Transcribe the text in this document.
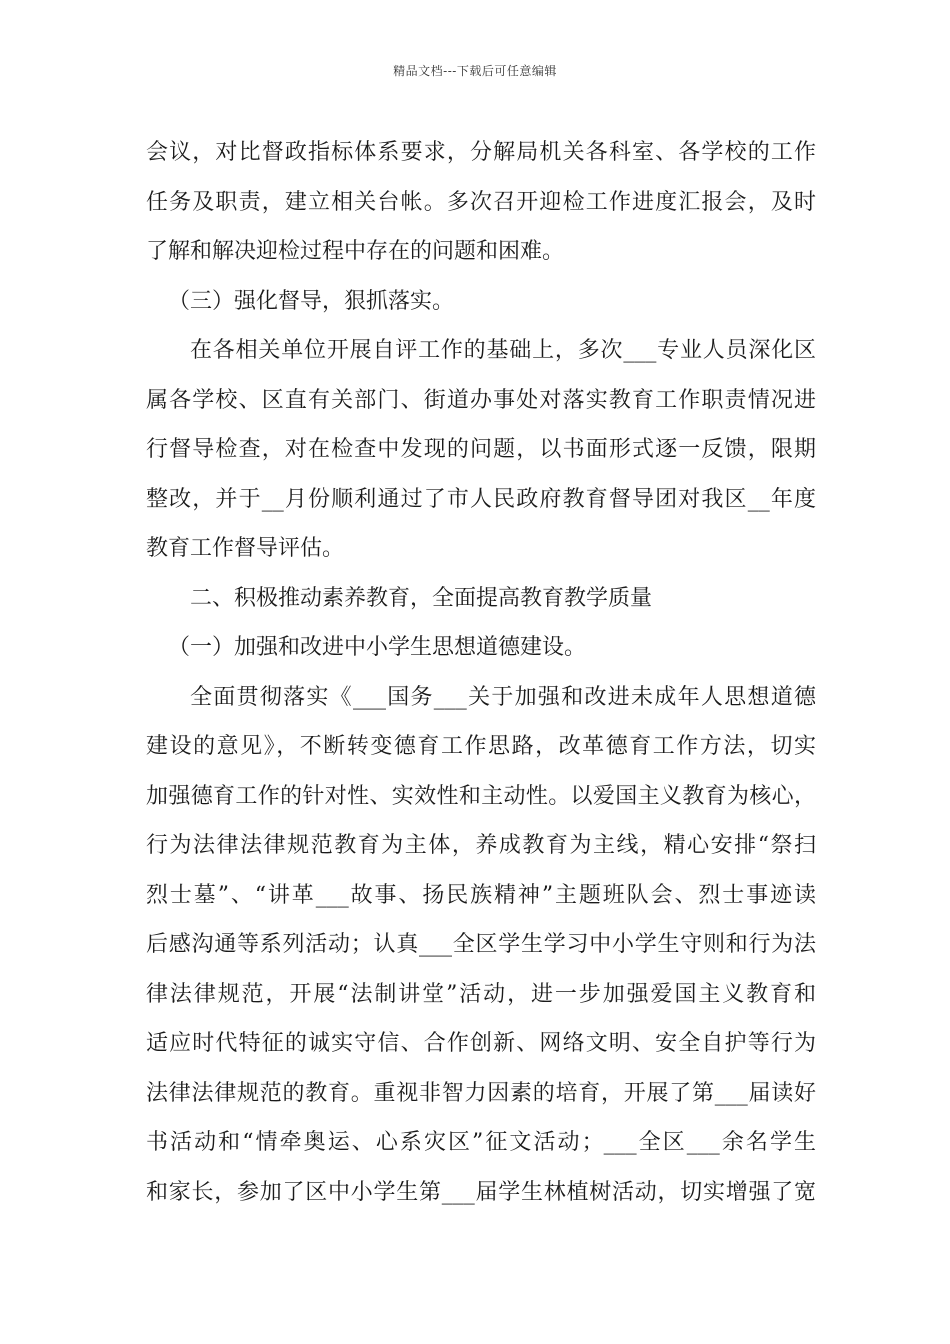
精品文档---下载后可任意编辑
会议，对比督政指标体系要求，分解局机关各科室、各学校的工作
任务及职责，建立相关台帐。多次召开迎检工作进度汇报会，及时
了解和解决迎检过程中存在的问题和困难。
（三）强化督导，狠抓落实。
在各相关单位开展自评工作的基础上，多次___专业人员深化区
属各学校、区直有关部门、街道办事处对落实教育工作职责情况进
行督导检查，对在检查中发现的问题，以书面形式逐一反馈，限期
整改，并于__月份顺利通过了市人民政府教育督导团对我区__年度
教育工作督导评估。
二、积极推动素养教育，全面提高教育教学质量
（一）加强和改进中小学生思想道德建设。
全面贯彻落实《___国务___关于加强和改进未成年人思想道德
建设的意见》，不断转变德育工作思路，改革德育工作方法，切实
加强德育工作的针对性、实效性和主动性。以爱国主义教育为核心，
行为法律法律规范教育为主体，养成教育为主线，精心安排“祭扫
烈士墓”、“讲革___故事、扬民族精神”主题班队会、烈士事迹读
后感沟通等系列活动；认真___全区学生学习中小学生守则和行为法
律法律规范，开展“法制讲堂”活动，进一步加强爱国主义教育和
适应时代特征的诚实守信、合作创新、网络文明、安全自护等行为
法律法律规范的教育。重视非智力因素的培育，开展了第___届读好
书活动和“情牵奥运、心系灾区”征文活动；___全区___余名学生
和家长，参加了区中小学生第___届学生林植树活动，切实增强了宽
